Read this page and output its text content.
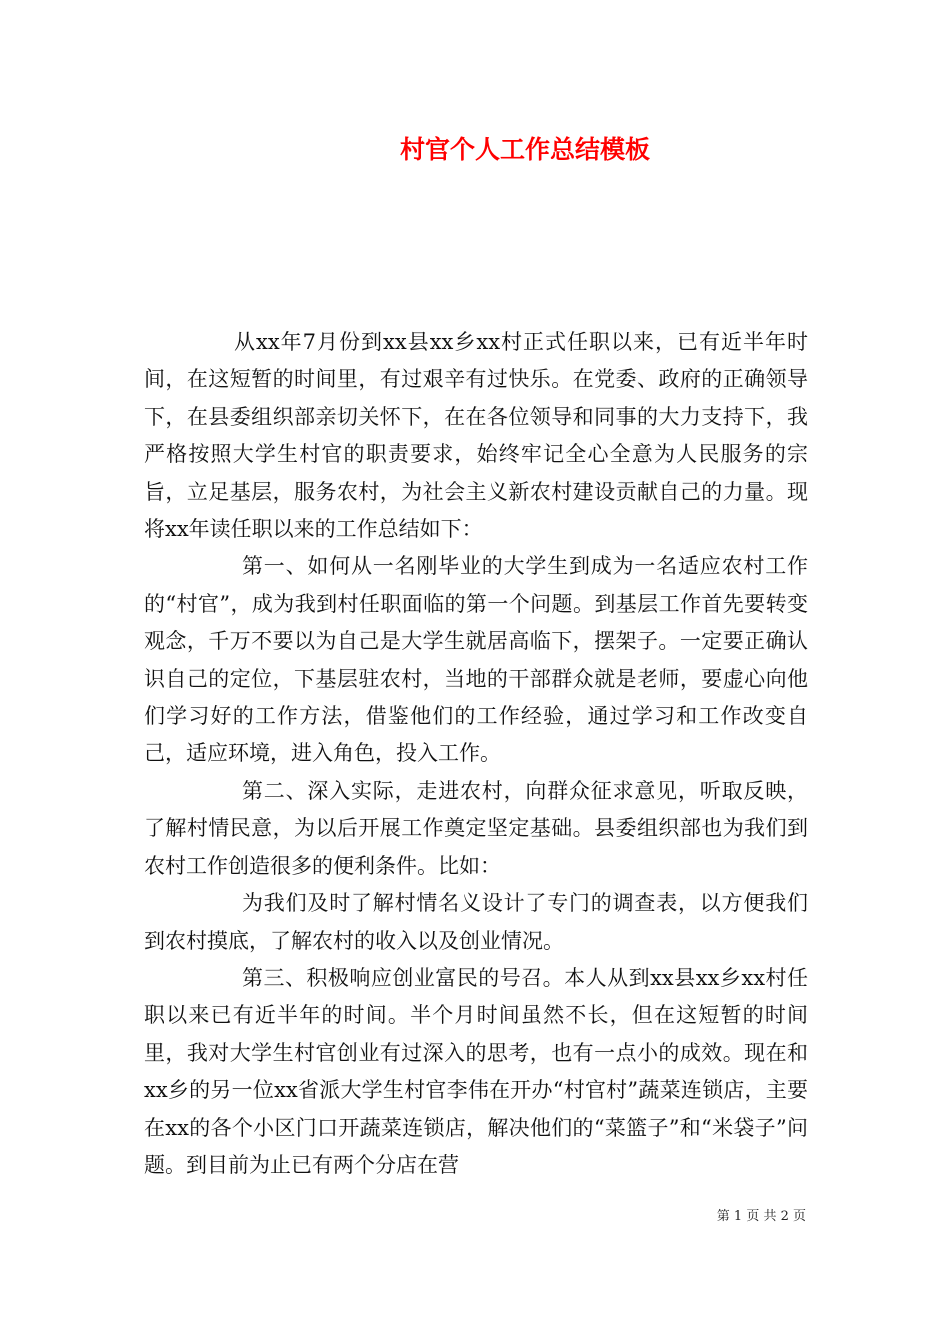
村官个人工作总结模板

从xx年7月份到xx县xx乡xx村正式任职以来，已有近半年时间，在这短暂的时间里，有过艰辛有过快乐。在党委、政府的正确领导下，在县委组织部亲切关怀下，在在各位领导和同事的大力支持下，我严格按照大学生村官的职责要求，始终牢记全心全意为人民服务的宗旨，立足基层，服务农村，为社会主义新农村建设贡献自己的力量。现将xx年读任职以来的工作总结如下：

第一、如何从一名刚毕业的大学生到成为一名适应农村工作的“村官”，成为我到村任职面临的第一个问题。到基层工作首先要转变观念，千万不要以为自己是大学生就居高临下，摆架子。一定要正确认识自己的定位，下基层驻农村，当地的干部群众就是老师，要虚心向他们学习好的工作方法，借鉴他们的工作经验，通过学习和工作改变自己，适应环境，进入角色，投入工作。

第二、深入实际，走进农村，向群众征求意见，听取反映，了解村情民意，为以后开展工作奠定坚定基础。县委组织部也为我们到农村工作创造很多的便利条件。比如：

为我们及时了解村情名义设计了专门的调查表，以方便我们到农村摸底，了解农村的收入以及创业情况。

第三、积极响应创业富民的号召。本人从到xx县xx乡xx村任职以来已有近半年的时间。半个月时间虽然不长，但在这短暂的时间里，我对大学生村官创业有过深入的思考，也有一点小的成效。现在和xx乡的另一位xx省派大学生村官李伟在开办“村官村”蔬菜连锁店，主要在xx的各个小区门口开蔬菜连锁店，解决他们的“菜篮子”和“米袋子”问题。到目前为止已有两个分店在营

第 1 页 共 2 页
